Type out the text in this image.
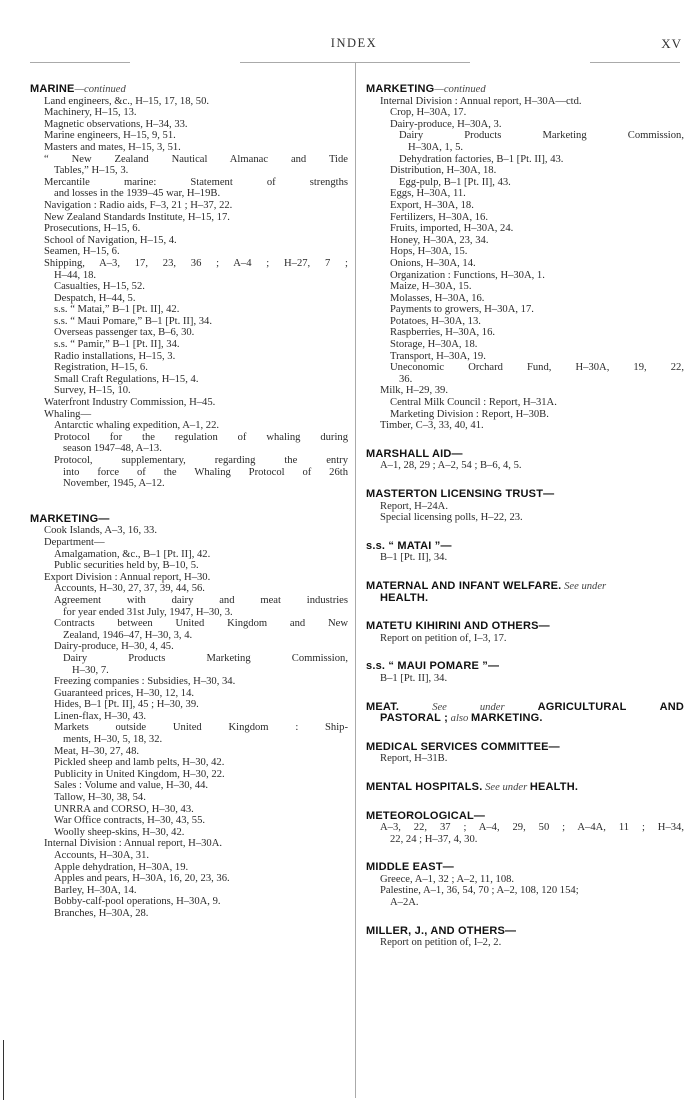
INDEX	XV
MARINE—continued
Land engineers, &c., H–15, 17, 18, 50.
Machinery, H–15, 13.
Magnetic observations, H–34, 33.
Marine engineers, H–15, 9, 51.
Masters and mates, H–15, 3, 51.
“ New Zealand Nautical Almanac and Tide
Tables,” H–15, 3.
Mercantile marine: Statement of strengths
and losses in the 1939–45 war, H–19B.
Navigation : Radio aids, F–3, 21 ; H–37, 22.
New Zealand Standards Institute, H–15, 17.
Prosecutions, H–15, 6.
School of Navigation, H–15, 4.
Seamen, H–15, 6.
Shipping, A–3, 17, 23, 36 ; A–4 ; H–27, 7 ;
H–44, 18.
Casualties, H–15, 52.
Despatch, H–44, 5.
s.s. “ Matai,” B–1 [Pt. II], 42.
s.s. “ Maui Pomare,” B–1 [Pt. II], 34.
Overseas passenger tax, B–6, 30.
s.s. “ Pamir,” B–1 [Pt. II], 34.
Radio installations, H–15, 3.
Registration, H–15, 6.
Small Craft Regulations, H–15, 4.
Survey, H–15, 10.
Waterfront Industry Commission, H–45.
Whaling—
Antarctic whaling expedition, A–1, 22.
Protocol for the regulation of whaling during
season 1947–48, A–13.
Protocol, supplementary, regarding the entry
into force of the Whaling Protocol of 26th
November, 1945, A–12.
MARKETING—
Cook Islands, A–3, 16, 33.
Department—
Amalgamation, &c., B–1 [Pt. II], 42.
Public securities held by, B–10, 5.
Export Division : Annual report, H–30.
Accounts, H–30, 27, 37, 39, 44, 56.
Agreement with dairy and meat industries
for year ended 31st July, 1947, H–30, 3.
Contracts between United Kingdom and New
Zealand, 1946–47, H–30, 3, 4.
Dairy-produce, H–30, 4, 45.
Dairy Products Marketing Commission,
H–30, 7.
Freezing companies : Subsidies, H–30, 34.
Guaranteed prices, H–30, 12, 14.
Hides, B–1 [Pt. II], 45 ; H–30, 39.
Linen-flax, H–30, 43.
Markets outside United Kingdom : Ship-
ments, H–30, 5, 18, 32.
Meat, H–30, 27, 48.
Pickled sheep and lamb pelts, H–30, 42.
Publicity in United Kingdom, H–30, 22.
Sales : Volume and value, H–30, 44.
Tallow, H–30, 38, 54.
UNRRA and CORSO, H–30, 43.
War Office contracts, H–30, 43, 55.
Woolly sheep-skins, H–30, 42.
Internal Division : Annual report, H–30A.
Accounts, H–30A, 31.
Apple dehydration, H–30A, 19.
Apples and pears, H–30A, 16, 20, 23, 36.
Barley, H–30A, 14.
Bobby-calf-pool operations, H–30A, 9.
Branches, H–30A, 28.
MARKETING—continued
Internal Division : Annual report, H–30A—ctd.
Crop, H–30A, 17.
Dairy-produce, H–30A, 3.
Dairy Products Marketing Commission,
H–30A, 1, 5.
Dehydration factories, B–1 [Pt. II], 43.
Distribution, H–30A, 18.
Egg-pulp, B–1 [Pt. II], 43.
Eggs, H–30A, 11.
Export, H–30A, 18.
Fertilizers, H–30A, 16.
Fruits, imported, H–30A, 24.
Honey, H–30A, 23, 34.
Hops, H–30A, 15.
Onions, H–30A, 14.
Organization : Functions, H–30A, 1.
Maize, H–30A, 15.
Molasses, H–30A, 16.
Payments to growers, H–30A, 17.
Potatoes, H–30A, 13.
Raspberries, H–30A, 16.
Storage, H–30A, 18.
Transport, H–30A, 19.
Uneconomic Orchard Fund, H–30A, 19, 22,
36.
Milk, H–29, 39.
Central Milk Council : Report, H–31A.
Marketing Division : Report, H–30B.
Timber, C–3, 33, 40, 41.
MARSHALL AID—
A–1, 28, 29 ; A–2, 54 ; B–6, 4, 5.
MASTERTON LICENSING TRUST—
Report, H–24A.
Special licensing polls, H–22, 23.
s.s. “ MATAI ”—
B–1 [Pt. II], 34.
MATERNAL AND INFANT WELFARE. See under
HEALTH.
MATETU KIHIRINI AND OTHERS—
Report on petition of, I–3, 17.
s.s. “ MAUI POMARE ”—
B–1 [Pt. II], 34.
MEAT.	See under	AGRICULTURAL AND
PASTORAL ; also MARKETING.
MEDICAL SERVICES COMMITTEE—
Report, H–31B.
MENTAL HOSPITALS. See under HEALTH.
METEOROLOGICAL—
A–3, 22, 37 ; A–4, 29, 50 ; A–4A, 11 ; H–34,
22, 24 ; H–37, 4, 30.
MIDDLE EAST—
Greece, A–1, 32 ; A–2, 11, 108.
Palestine, A–1, 36, 54, 70 ; A–2, 108, 120 154;
A–2A.
MILLER, J., AND OTHERS—
Report on petition of, I–2, 2.
